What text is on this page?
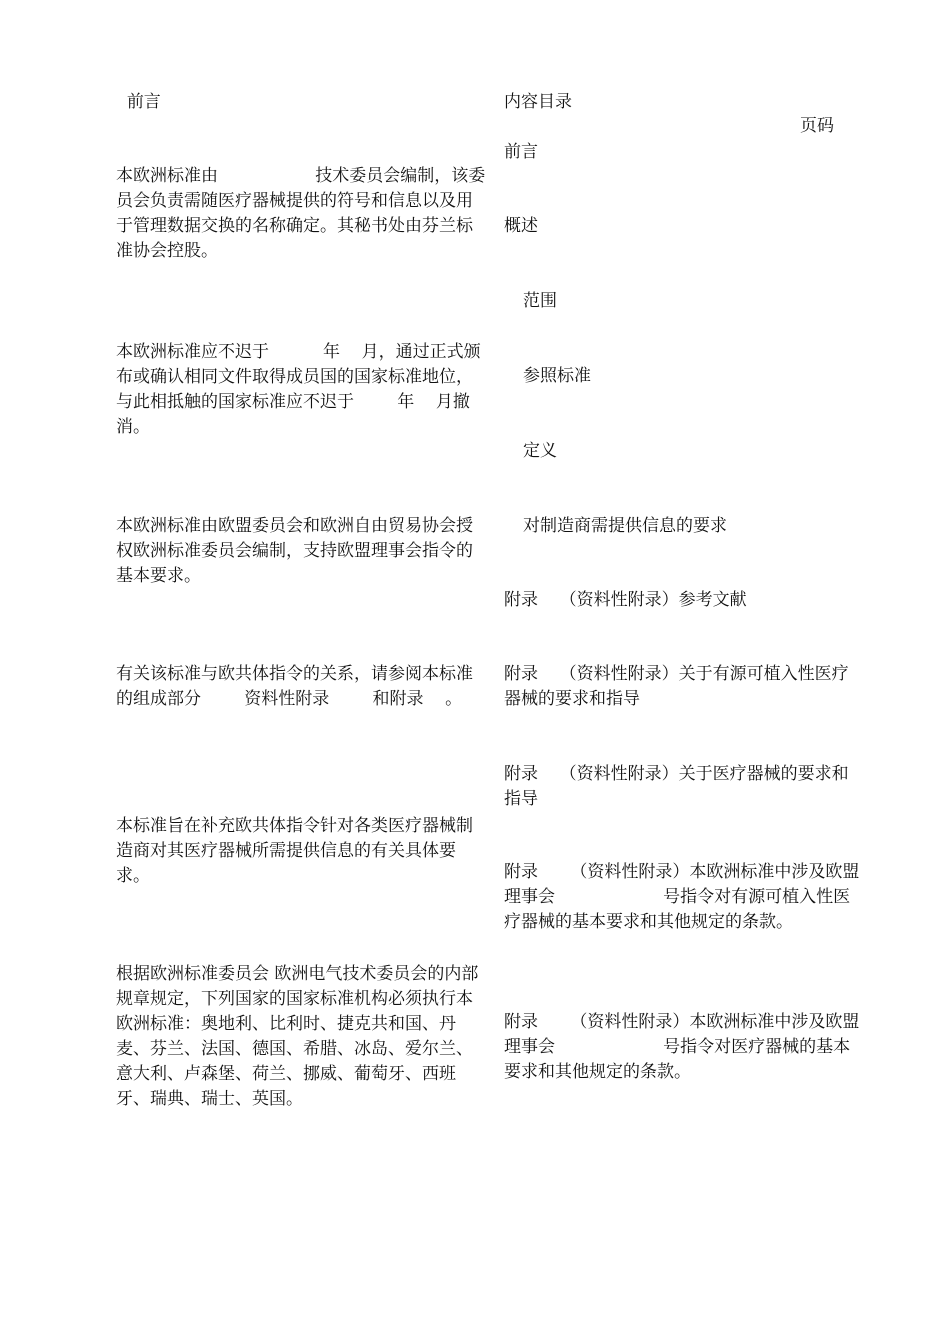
前言

本欧洲标准由                  技术委员会编制，该委员会负责需随医疗器械提供的符号和信息以及用于管理数据交换的名称确定。其秘书处由芬兰标准协会控股。

本欧洲标准应不迟于          年    月，通过正式颁布或确认相同文件取得成员国的国家标准地位，与此相抵触的国家标准应不迟于        年    月撤消。

本欧洲标准由欧盟委员会和欧洲自由贸易协会授权欧洲标准委员会编制，支持欧盟理事会指令的基本要求。

有关该标准与欧共体指令的关系，请参阅本标准的组成部分        资料性附录        和附录    。

本标准旨在补充欧共体指令针对各类医疗器械制造商对其医疗器械所需提供信息的有关具体要求。

根据欧洲标准委员会 欧洲电气技术委员会的内部规章规定，下列国家的国家标准机构必须执行本欧洲标准：奥地利、比利时、捷克共和国、丹麦、芬兰、法国、德国、希腊、冰岛、爱尔兰、意大利、卢森堡、荷兰、挪威、葡萄牙、西班牙、瑞典、瑞士、英国。

内容目录

前言

概述

范围

参照标准

定义

对制造商需提供信息的要求

附录    （资料性附录）参考文献

附录    （资料性附录）关于有源可植入性医疗器械的要求和指导

附录    （资料性附录）关于医疗器械的要求和指导

附录      （资料性附录）本欧洲标准中涉及欧盟理事会                    号指令对有源可植入性医疗器械的基本要求和其他规定的条款。

附录      （资料性附录）本欧洲标准中涉及欧盟理事会                    号指令对医疗器械的基本要求和其他规定的条款。

页码
